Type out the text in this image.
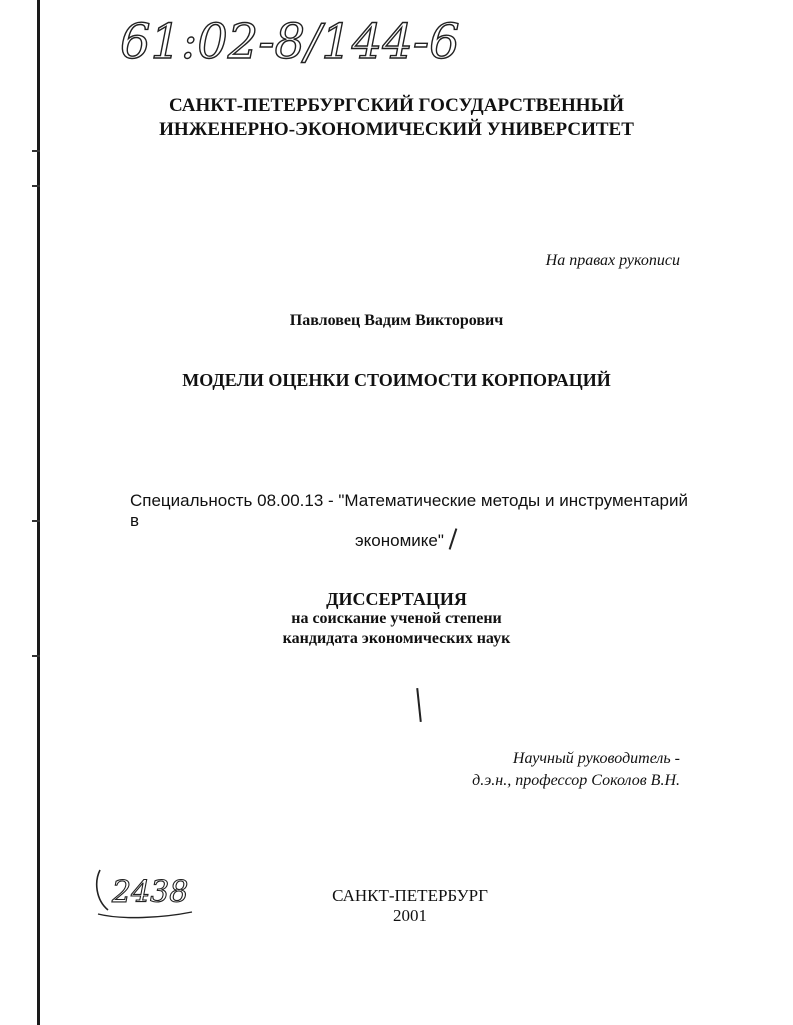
61:02-8/144-6
САНКТ-ПЕТЕРБУРГСКИЙ ГОСУДАРСТВЕННЫЙ
ИНЖЕНЕРНО-ЭКОНОМИЧЕСКИЙ УНИВЕРСИТЕТ
На правах рукописи
Павловец Вадим Викторович
МОДЕЛИ ОЦЕНКИ СТОИМОСТИ КОРПОРАЦИЙ
Специальность 08.00.13 - "Математические методы и инструментарий в
экономике"
ДИССЕРТАЦИЯ
на соискание ученой степени
кандидата экономических наук
Научный руководитель -
д.э.н., профессор Соколов В.Н.
2438	САНКТ-ПЕТЕРБУРГ
2001
